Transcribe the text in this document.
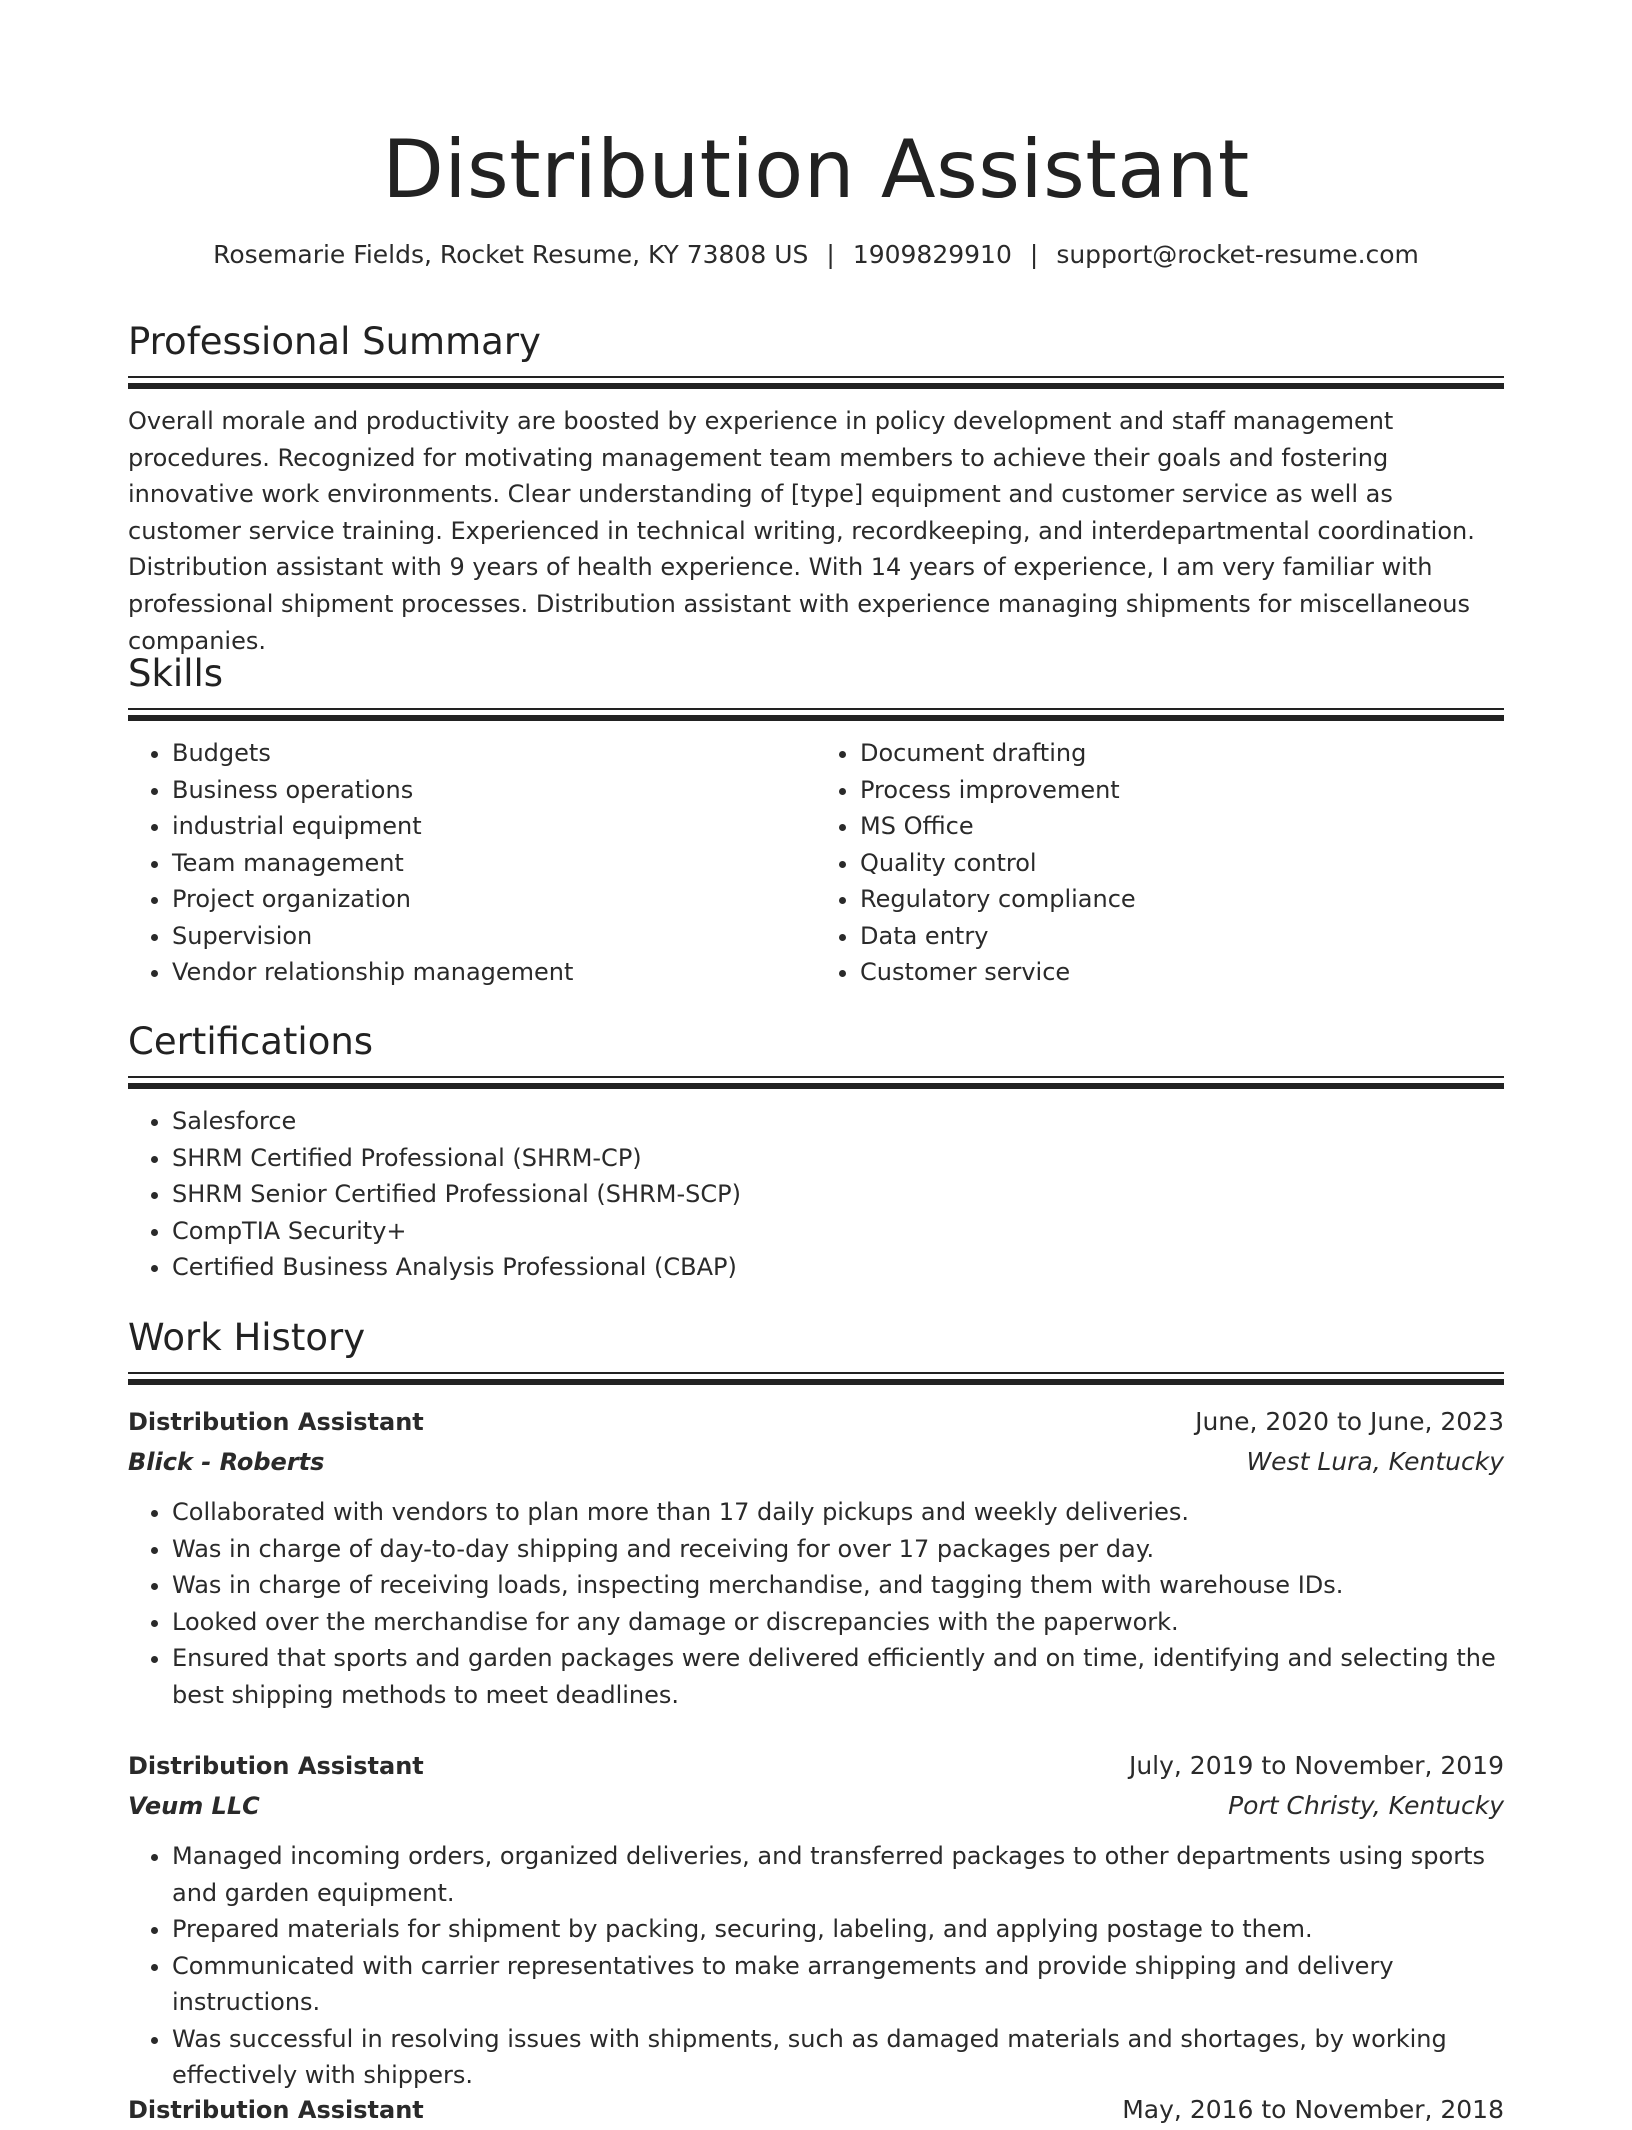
Distribution Assistant
Rosemarie Fields, Rocket Resume, KY 73808 US | 1909829910 | support@rocket-resume.com
Professional Summary

Overall morale and productivity are boosted by experience in policy development and staff management procedures. Recognized for motivating management team members to achieve their goals and fostering innovative work environments. Clear understanding of [type] equipment and customer service as well as customer service training. Experienced in technical writing, recordkeeping, and interdepartmental coordination. Distribution assistant with 9 years of health experience. With 14 years of experience, I am very familiar with professional shipment processes. Distribution assistant with experience managing shipments for miscellaneous companies.

Skills
• Budgets
• Business operations
• industrial equipment
• Team management
• Project organization
• Supervision
• Vendor relationship management
• Document drafting
• Process improvement
• MS Office
• Quality control
• Regulatory compliance
• Data entry
• Customer service
Certifications
• Salesforce
• SHRM Certified Professional (SHRM-CP)
• SHRM Senior Certified Professional (SHRM-SCP)
• CompTIA Security+
• Certified Business Analysis Professional (CBAP)
Work History
Distribution Assistant	June, 2020 to June, 2023
Blick - Roberts	West Lura, Kentucky
• Collaborated with vendors to plan more than 17 daily pickups and weekly deliveries.
• Was in charge of day-to-day shipping and receiving for over 17 packages per day.
• Was in charge of receiving loads, inspecting merchandise, and tagging them with warehouse IDs.
• Looked over the merchandise for any damage or discrepancies with the paperwork.
• Ensured that sports and garden packages were delivered efficiently and on time, identifying and selecting the best shipping methods to meet deadlines.
Distribution Assistant	July, 2019 to November, 2019
Veum LLC	Port Christy, Kentucky
• Managed incoming orders, organized deliveries, and transferred packages to other departments using sports and garden equipment.
• Prepared materials for shipment by packing, securing, labeling, and applying postage to them.
• Communicated with carrier representatives to make arrangements and provide shipping and delivery instructions.
• Was successful in resolving issues with shipments, such as damaged materials and shortages, by working effectively with shippers.
Distribution Assistant	May, 2016 to November, 2018
